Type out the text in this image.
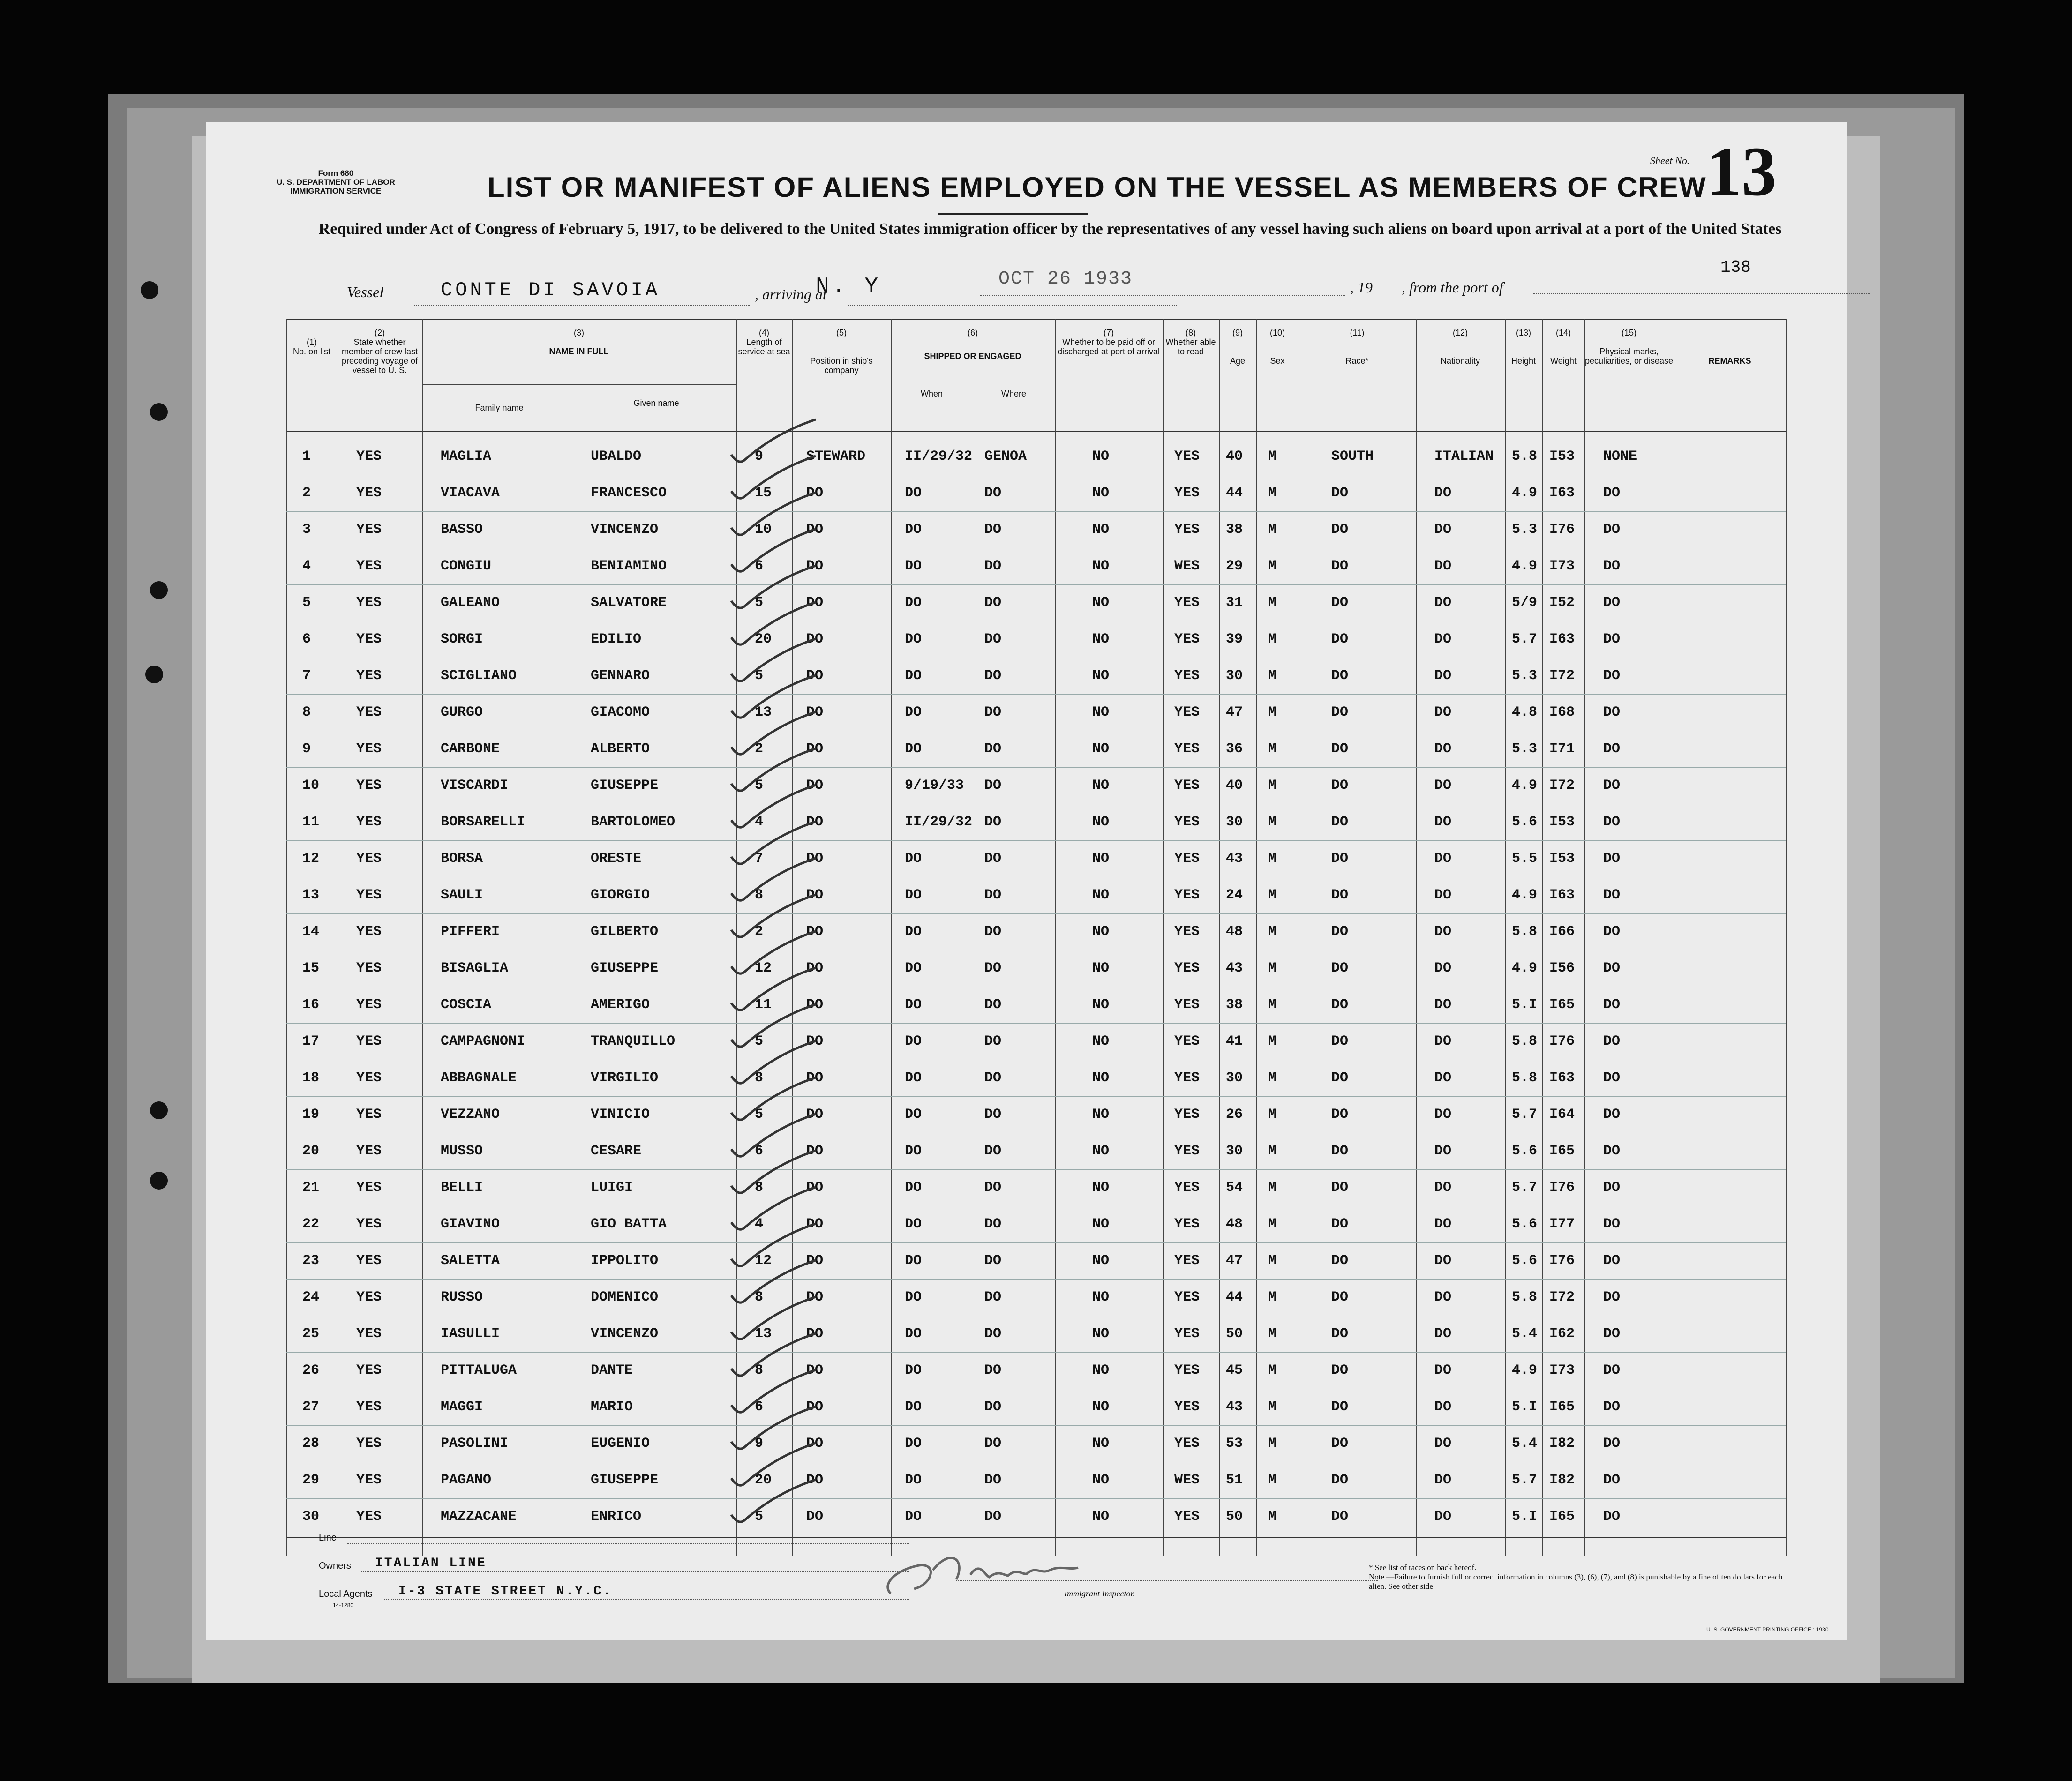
Form 680
U. S. DEPARTMENT OF LABOR
IMMIGRATION SERVICE
Sheet No. 13
138
LIST OR MANIFEST OF ALIENS EMPLOYED ON THE VESSEL AS MEMBERS OF CREW
Required under Act of Congress of February 5, 1917, to be delivered to the United States immigration officer by the representatives of any vessel having such aliens on board upon arrival at a port of the United States
Vessel	CONTE DI SAVOIA	, arriving at
N. Y	OCT 26 1933	, 19 , from the port of
(1)
No. on list
(2)
State whether member of crew last preceding voyage of vessel to U. S.
(3)
NAME IN FULL
Family name	Given name
(4)
Length of service at sea
(5)
Position in ship's company
(6)
SHIPPED OR ENGAGED
When	Where
(7)
Whether to be paid off or discharged at port of arrival
(8)
Whether able to read
(9)
Age
(10)
Sex
(11)
Race*
(12)
Nationality
(13)
Height
(14)
Weight
(15)
Physical marks, peculiarities, or disease	REMARKS
1	YES	MAGLIA	UBALDO	9	STEWARD	II/29/32 GENOA	NO	YES 40 M	SOUTH	ITALIAN 5.8 I53 NONE
2	YES	VIACAVA	FRANCESCO	15 DO	DO	DO	NO	YES 44 M	DO	DO	4.9 I63 DO
3	YES	BASSO	VINCENZO	10 DO	DO	DO	NO	YES 38 M	DO	DO	5.3 I76 DO
4	YES	CONGIU	BENIAMINO	6	DO	DO	DO	NO	WES 29 M	DO	DO	4.9 I73 DO
5	YES	GALEANO	SALVATORE	5	DO	DO	DO	NO	YES 31 M	DO	DO	5/9 I52 DO
6	YES	SORGI	EDILIO	20 DO	DO	DO	NO	YES 39 M	DO	DO	5.7 I63 DO
7	YES	SCIGLIANO	GENNARO	5	DO	DO	DO	NO	YES 30 M	DO	DO	5.3 I72 DO
8	YES	GURGO	GIACOMO	13 DO	DO	DO	NO	YES 47 M	DO	DO	4.8 I68 DO
9	YES	CARBONE	ALBERTO	2	DO	DO	DO	NO	YES 36 M	DO	DO	5.3 I71 DO
10	YES	VISCARDI	GIUSEPPE	5	DO	9/19/33 DO	NO	YES 40 M	DO	DO	4.9 I72 DO
11	YES	BORSARELLI	BARTOLOMEO	4	DO	II/29/32 DO	NO	YES 30 M	DO	DO	5.6 I53 DO
12	YES	BORSA	ORESTE	7	DO	DO	DO	NO	YES 43 M	DO	DO	5.5 I53 DO
13	YES	SAULI	GIORGIO	8	DO	DO	DO	NO	YES 24 M	DO	DO	4.9 I63 DO
14	YES	PIFFERI	GILBERTO	2	DO	DO	DO	NO	YES 48 M	DO	DO	5.8 I66 DO
15	YES	BISAGLIA	GIUSEPPE	12 DO	DO	DO	NO	YES 43 M	DO	DO	4.9 I56 DO
16	YES	COSCIA	AMERIGO	11 DO	DO	DO	NO	YES 38 M	DO	DO	5.I I65 DO
17	YES	CAMPAGNONI	TRANQUILLO	5	DO	DO	DO	NO	YES 41 M	DO	DO	5.8 I76 DO
18	YES	ABBAGNALE	VIRGILIO	8	DO	DO	DO	NO	YES 30 M	DO	DO	5.8 I63 DO
19	YES	VEZZANO	VINICIO	5	DO	DO	DO	NO	YES 26 M	DO	DO	5.7 I64 DO
20	YES	MUSSO	CESARE	6	DO	DO	DO	NO	YES 30 M	DO	DO	5.6 I65 DO
21	YES	BELLI	LUIGI	8	DO	DO	DO	NO	YES 54 M	DO	DO	5.7 I76 DO
22	YES	GIAVINO	GIO BATTA	4	DO	DO	DO	NO	YES 48 M	DO	DO	5.6 I77 DO
23	YES	SALETTA	IPPOLITO	12 DO	DO	DO	NO	YES 47 M	DO	DO	5.6 I76 DO
24	YES	RUSSO	DOMENICO	8	DO	DO	DO	NO	YES 44 M	DO	DO	5.8 I72 DO
25	YES	IASULLI	VINCENZO	13 DO	DO	DO	NO	YES 50 M	DO	DO	5.4 I62 DO
26	YES	PITTALUGA	DANTE	8	DO	DO	DO	NO	YES 45 M	DO	DO	4.9 I73 DO
27	YES	MAGGI	MARIO	6	DO	DO	DO	NO	YES 43 M	DO	DO	5.I I65 DO
28	YES	PASOLINI	EUGENIO	9	DO	DO	DO	NO	YES 53 M	DO	DO	5.4 I82 DO
29	YES	PAGANO	GIUSEPPE	20 DO	DO	DO	NO	WES 51 M	DO	DO	5.7 I82 DO
30	YES	MAZZACANE	ENRICO	5	DO	DO	DO	NO	YES 50 M	DO	DO	5.I I65 DO
Line
Owners ITALIAN LINE
Local Agents I-3 STATE STREET N.Y.C.
14-1280
Immigrant Inspector.
* See list of races on back hereof.
Note.—Failure to furnish full or correct information in columns (3), (6), (7), and (8) is punishable by a fine of ten dollars for each alien. See other side.
U. S. GOVERNMENT PRINTING OFFICE : 1930
